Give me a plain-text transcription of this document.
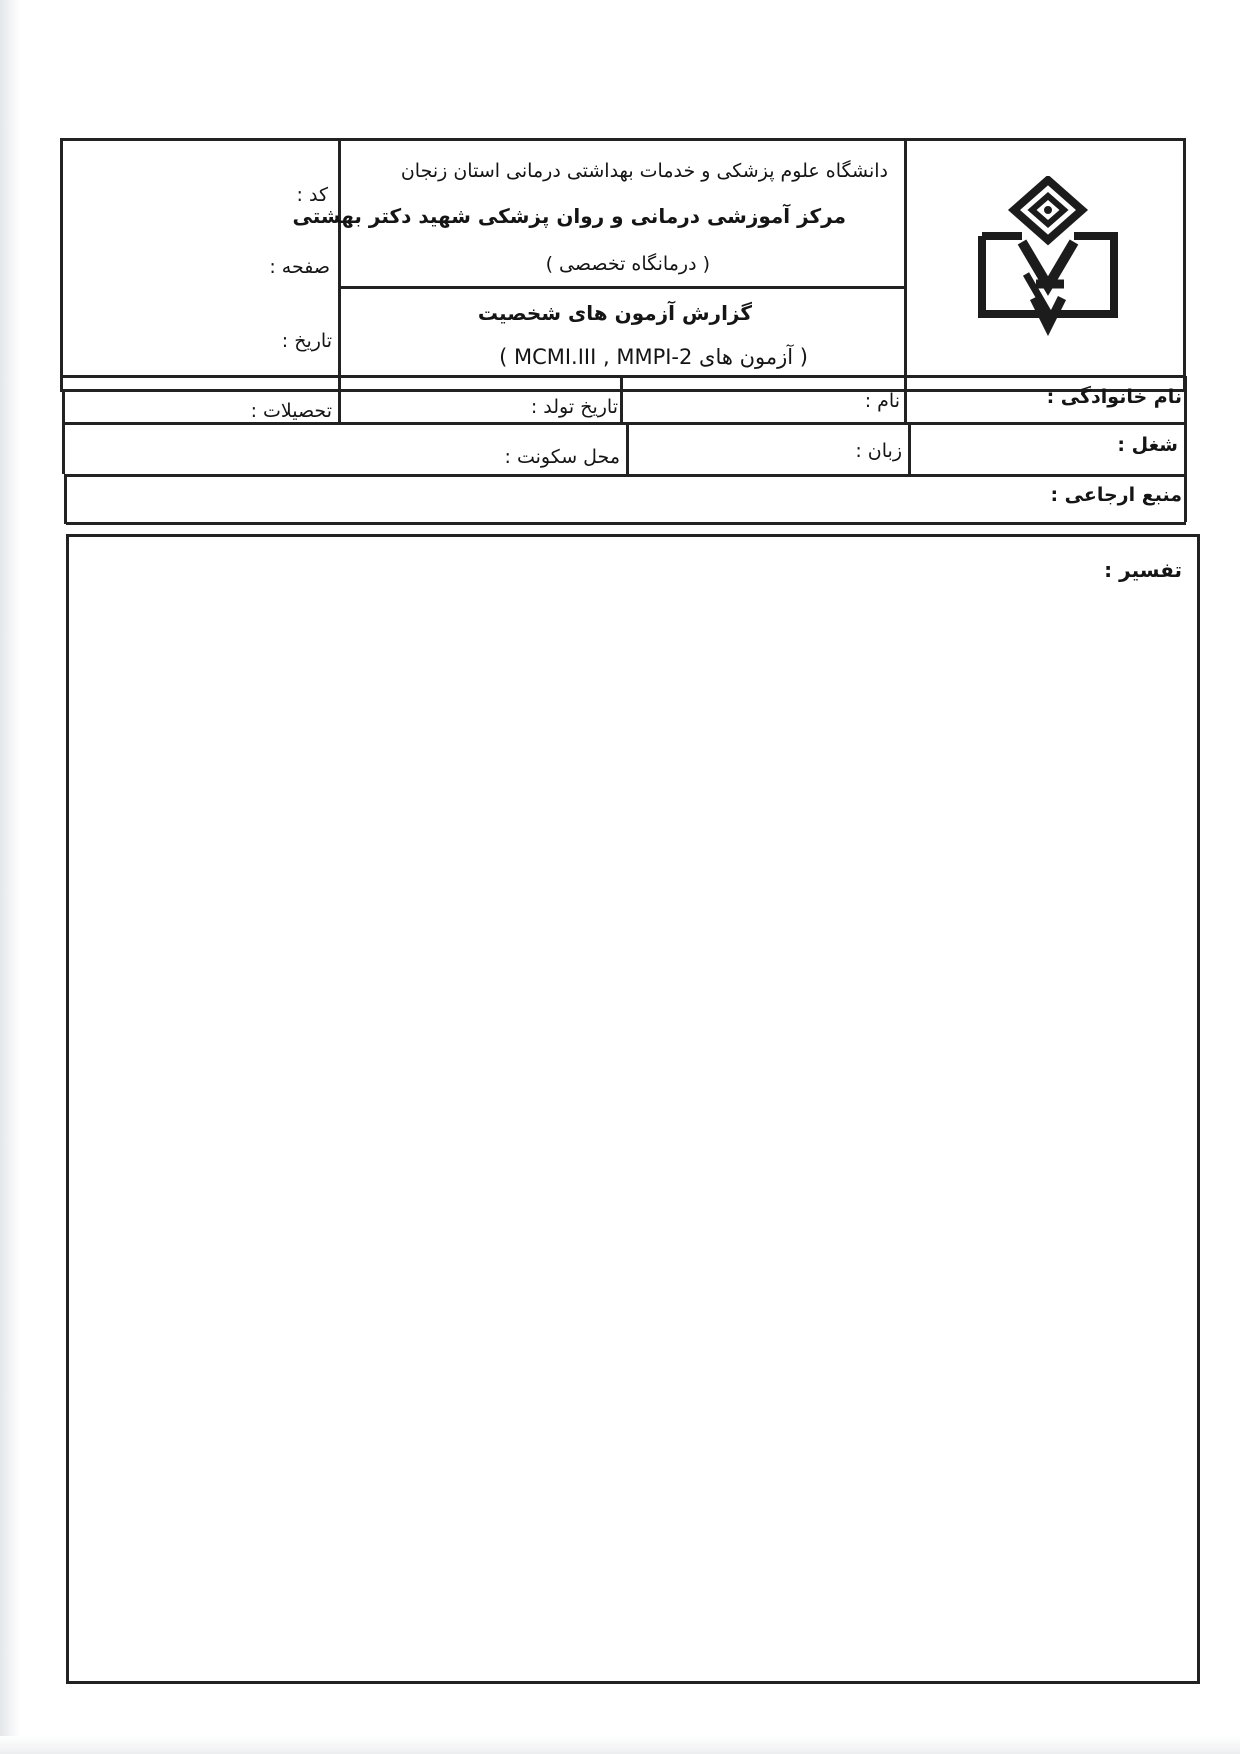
دانشگاه علوم پزشکی و خدمات بهداشتی درمانی استان زنجان
مرکز آموزشی درمانی و روان پزشکی شهید دکتر بهشتی
( درمانگاه تخصصی )
گزارش آزمون های شخصیت
( آزمون های MCMI.III , MMPI-2 )
کد :
صفحه :
تاریخ :
نام خانوادگی :
نام :
تاریخ تولد :
تحصیلات :
شغل :
زبان :
محل سکونت :
منبع ارجاعی :
تفسیر :
